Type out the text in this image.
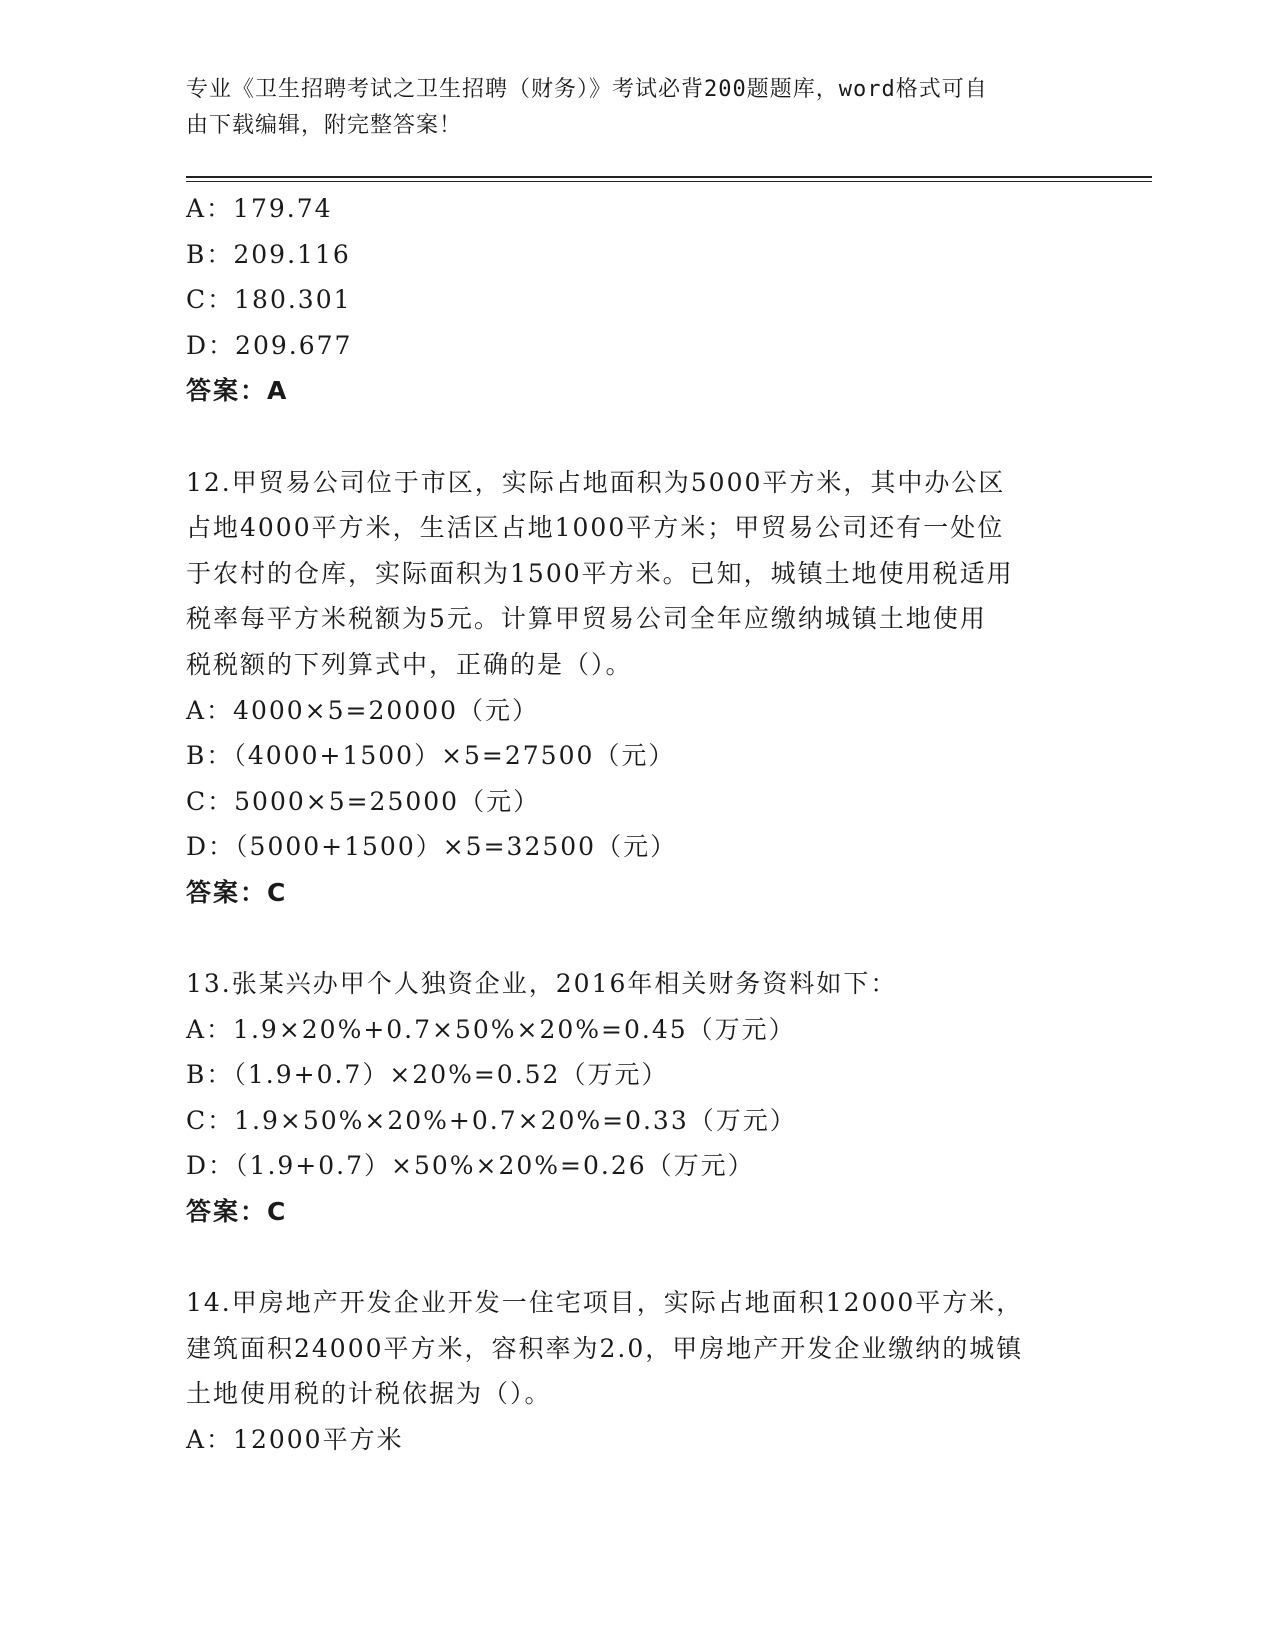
专业《卫生招聘考试之卫生招聘（财务）》考试必背200题题库，word格式可自
由下载编辑，附完整答案！
A：179.74
B：209.116
C：180.301
D：209.677
答案：A
12.甲贸易公司位于市区，实际占地面积为5000平方米，其中办公区
占地4000平方米，生活区占地1000平方米；甲贸易公司还有一处位
于农村的仓库，实际面积为1500平方米。已知，城镇土地使用税适用
税率每平方米税额为5元。计算甲贸易公司全年应缴纳城镇土地使用
税税额的下列算式中，正确的是（）。
A：4000×5=20000（元）
B：（4000+1500）×5=27500（元）
C：5000×5=25000（元）
D：（5000+1500）×5=32500（元）
答案：C
13.张某兴办甲个人独资企业，2016年相关财务资料如下：
A：1.9×20%+0.7×50%×20%=0.45（万元）
B：（1.9+0.7）×20%=0.52（万元）
C：1.9×50%×20%+0.7×20%=0.33（万元）
D：（1.9+0.7）×50%×20%=0.26（万元）
答案：C
14.甲房地产开发企业开发一住宅项目，实际占地面积12000平方米，
建筑面积24000平方米，容积率为2.0，甲房地产开发企业缴纳的城镇
土地使用税的计税依据为（）。
A：12000平方米
